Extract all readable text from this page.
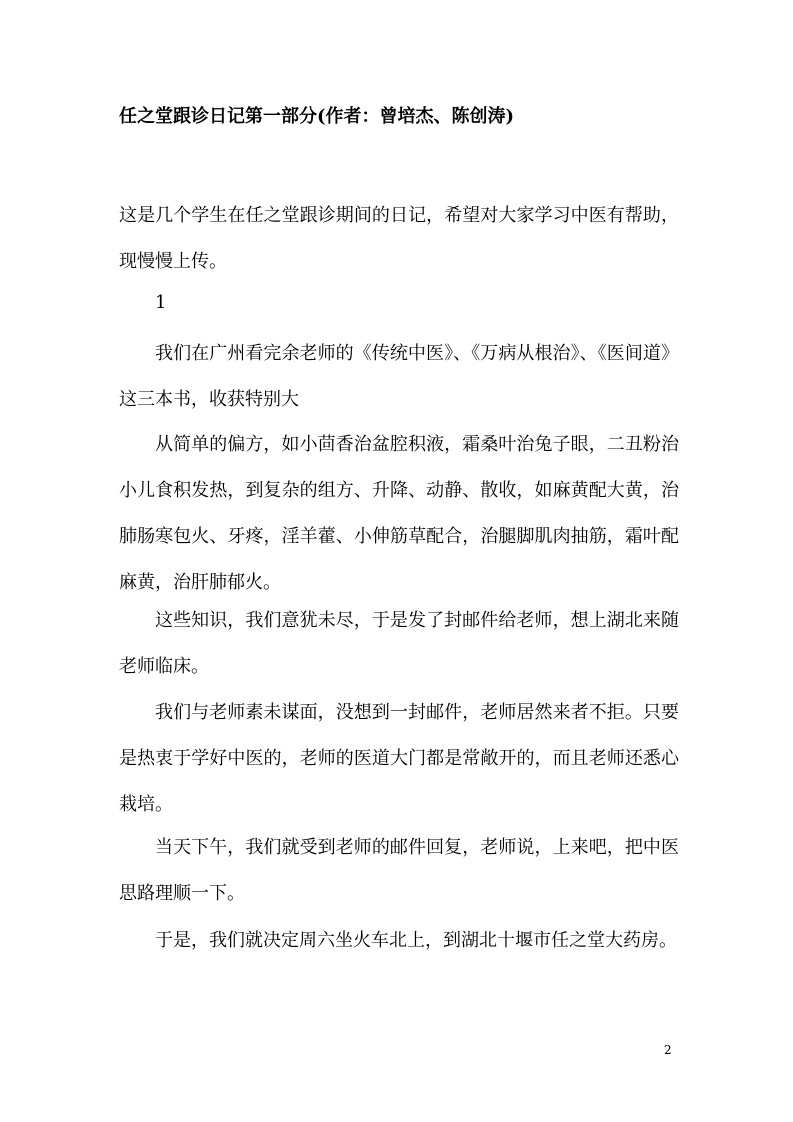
任之堂跟诊日记第一部分(作者：曾培杰、陈创涛)

这是几个学生在任之堂跟诊期间的日记，希望对大家学习中医有帮助，现慢慢上传。

1

我们在广州看完余老师的《传统中医》、《万病从根治》、《医间道》这三本书，收获特别大

从简单的偏方，如小茴香治盆腔积液，霜桑叶治兔子眼，二丑粉治小儿食积发热，到复杂的组方、升降、动静、散收，如麻黄配大黄，治肺肠寒包火、牙疼，淫羊藿、小伸筋草配合，治腿脚肌肉抽筋，霜叶配麻黄，治肝肺郁火。

这些知识，我们意犹未尽，于是发了封邮件给老师，想上湖北来随老师临床。

我们与老师素未谋面，没想到一封邮件，老师居然来者不拒。只要是热衷于学好中医的，老师的医道大门都是常敞开的，而且老师还悉心栽培。

当天下午，我们就受到老师的邮件回复，老师说，上来吧，把中医思路理顺一下。

于是，我们就决定周六坐火车北上，到湖北十堰市任之堂大药房。

2
